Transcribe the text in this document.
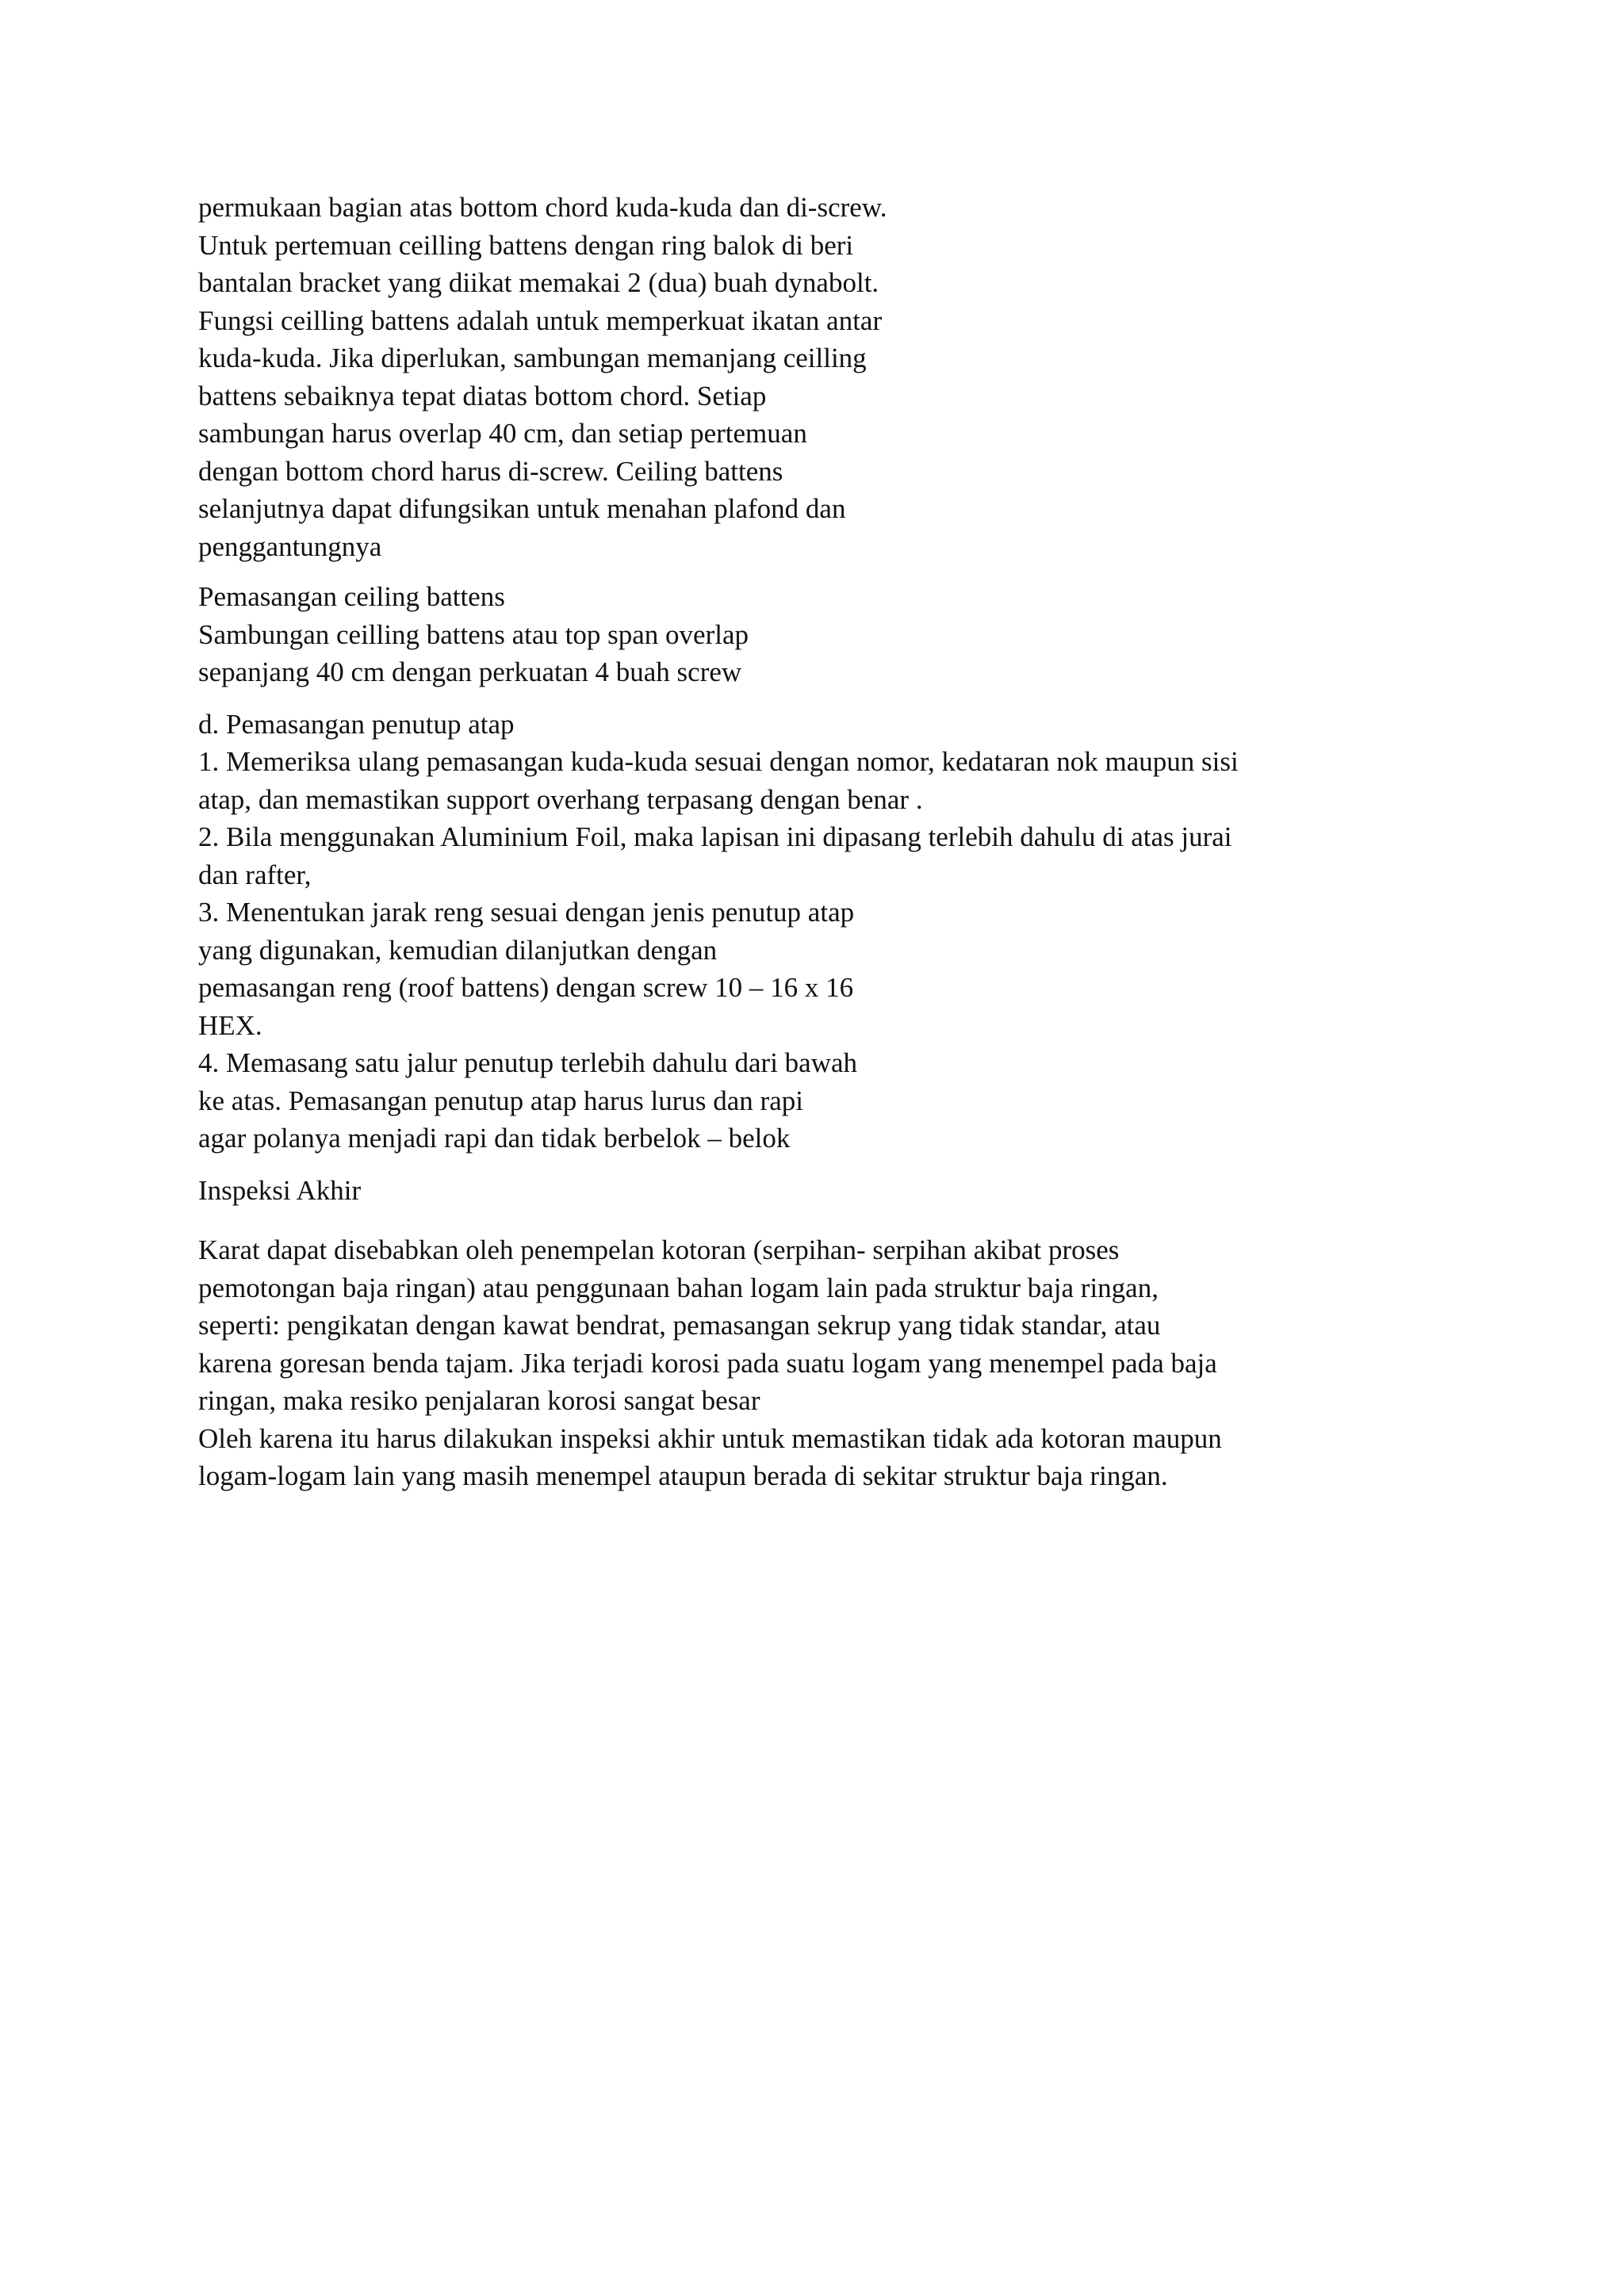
permukaan bagian atas bottom chord kuda-kuda dan di-screw.
Untuk pertemuan ceilling battens dengan ring balok di beri
bantalan bracket yang diikat memakai 2 (dua) buah dynabolt.
Fungsi ceilling battens adalah untuk memperkuat ikatan antar
kuda-kuda. Jika diperlukan, sambungan memanjang ceilling
battens sebaiknya tepat diatas bottom chord. Setiap
sambungan harus overlap 40 cm, dan setiap pertemuan
dengan bottom chord harus di-screw. Ceiling battens
selanjutnya dapat difungsikan untuk menahan plafond dan
penggantungnya
Pemasangan ceiling battens
Sambungan ceilling battens atau top span overlap
sepanjang 40 cm dengan perkuatan 4 buah screw
d. Pemasangan penutup atap
1. Memeriksa ulang pemasangan kuda-kuda sesuai dengan nomor, kedataran nok maupun sisi
atap, dan memastikan support overhang terpasang dengan benar .
2. Bila menggunakan Aluminium Foil, maka lapisan ini dipasang terlebih dahulu di atas jurai
dan rafter,
3. Menentukan jarak reng sesuai dengan jenis penutup atap
yang digunakan, kemudian dilanjutkan dengan
pemasangan reng (roof battens) dengan screw 10 – 16 x 16
HEX.
4. Memasang satu jalur penutup terlebih dahulu dari bawah
ke atas. Pemasangan penutup atap harus lurus dan rapi
agar polanya menjadi rapi dan tidak berbelok – belok
Inspeksi Akhir
Karat dapat disebabkan oleh penempelan kotoran (serpihan- serpihan akibat proses
pemotongan baja ringan) atau penggunaan bahan logam lain pada struktur baja ringan,
seperti: pengikatan dengan kawat bendrat, pemasangan sekrup yang tidak standar, atau
karena goresan benda tajam. Jika terjadi korosi pada suatu logam yang menempel pada baja
ringan, maka resiko penjalaran korosi sangat besar
Oleh karena itu harus dilakukan inspeksi akhir untuk memastikan tidak ada kotoran maupun
logam-logam lain yang masih menempel ataupun berada di sekitar struktur baja ringan.
